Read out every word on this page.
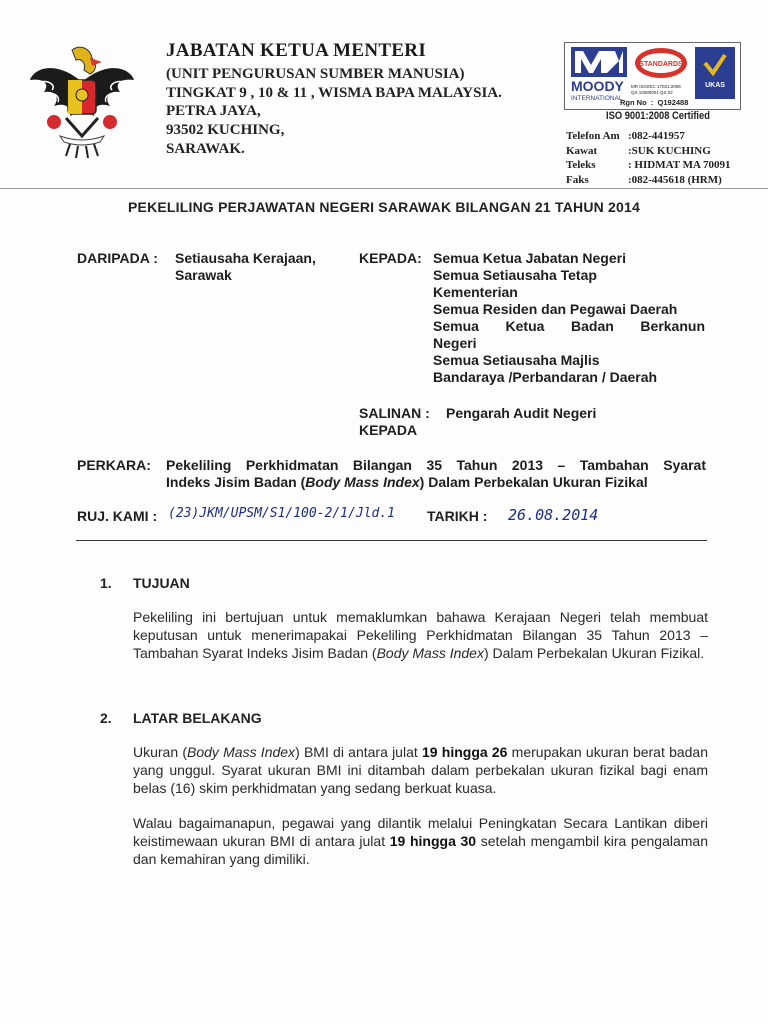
JABATAN KETUA MENTERI
(UNIT PENGURUSAN SUMBER MANUSIA)
TINGKAT 9 , 10 & 11 , WISMA BAPA MALAYSIA.
PETRA JAYA,
93502 KUCHING,
SARAWAK.
MOODY
INTERNATIONAL
STANDARDS
MR ISO/IEC 17021:2006
QS 10080001 QS 02
UKAS
Rgn No  :  Q192488
ISO 9001:2008 Certified
Telefon Am :082-441957
Kawat	:SUK KUCHING
Teleks	: HIDMAT MA 70091
Faks	:082-445618 (HRM)
PEKELILING PERJAWATAN NEGERI SARAWAK BILANGAN 21 TAHUN 2014
DARIPADA : Setiausaha Kerajaan,
Sarawak
KEPADA: Semua Ketua Jabatan Negeri
Semua Setiausaha Tetap
Kementerian
Semua Residen dan Pegawai Daerah
Semua Ketua Badan Berkanun
Negeri
Semua Setiausaha Majlis
Bandaraya /Perbandaran / Daerah
SALINAN :
KEPADA
Pengarah Audit Negeri
PERKARA: Pekeliling Perkhidmatan Bilangan 35 Tahun 2013 – Tambahan Syarat
Indeks Jisim Badan (Body Mass Index) Dalam Perbekalan Ukuran Fizikal
RUJ. KAMI : (23)JKM/UPSM/S1/100-2/1/Jld.1 TARIKH : 26.08.2014
1. TUJUAN
Pekeliling ini bertujuan untuk memaklumkan bahawa Kerajaan Negeri telah membuat keputusan untuk menerimapakai Pekeliling Perkhidmatan Bilangan 35 Tahun 2013 – Tambahan Syarat Indeks Jisim Badan (Body Mass Index) Dalam Perbekalan Ukuran Fizikal.
2. LATAR BELAKANG
Ukuran (Body Mass Index) BMI di antara julat 19 hingga 26 merupakan ukuran berat badan yang unggul. Syarat ukuran BMI ini ditambah dalam perbekalan ukuran fizikal bagi enam belas (16) skim perkhidmatan yang sedang berkuat kuasa.
Walau bagaimanapun, pegawai yang dilantik melalui Peningkatan Secara Lantikan diberi keistimewaan ukuran BMI di antara julat 19 hingga 30 setelah mengambil kira pengalaman dan kemahiran yang dimiliki.
